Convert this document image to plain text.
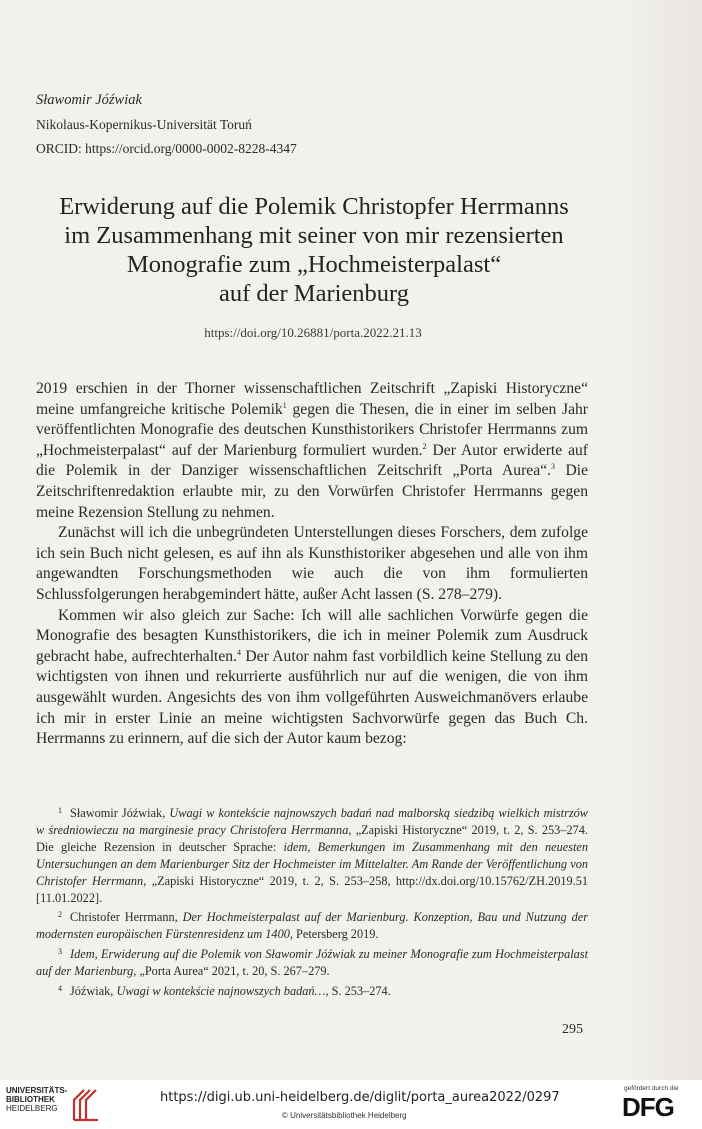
Sławomir Jóźwiak
Nikolaus-Kopernikus-Universität Toruń
ORCID: https://orcid.org/0000-0002-8228-4347
Erwiderung auf die Polemik Christopfer Herrmanns
im Zusammenhang mit seiner von mir rezensierten
Monografie zum „Hochmeisterpalast“
auf der Marienburg
https://doi.org/10.26881/porta.2022.21.13

2019 erschien in der Thorner wissenschaftlichen Zeitschrift „Zapiski Historyczne“ meine umfangreiche kritische Polemik$^1$ gegen die Thesen, die in einer im selben Jahr veröffentlichten Monografie des deutschen Kunsthistorikers Christofer Herrmanns zum „Hochmeisterpalast“ auf der Marienburg formuliert wurden.$^2$ Der Autor erwiderte auf die Polemik in der Danziger wissenschaftlichen Zeitschrift „Porta Aurea“.$^3$ Die Zeitschriftenredaktion erlaubte mir, zu den Vorwürfen Christofer Herrmanns gegen meine Rezension Stellung zu nehmen.

Zunächst will ich die unbegründeten Unterstellungen dieses Forschers, dem zufolge ich sein Buch nicht gelesen, es auf ihn als Kunsthistoriker abgesehen und alle von ihm angewandten Forschungsmethoden wie auch die von ihm formulierten Schlussfolgerungen herabgemindert hätte, außer Acht lassen (S. 278–279).

Kommen wir also gleich zur Sache: Ich will alle sachlichen Vorwürfe gegen die Monografie des besagten Kunsthistorikers, die ich in meiner Polemik zum Ausdruck gebracht habe, aufrechterhalten.$^4$ Der Autor nahm fast vorbildlich keine Stellung zu den wichtigsten von ihnen und rekurrierte ausführlich nur auf die wenigen, die von ihm ausgewählt wurden. Angesichts des von ihm vollgeführten Ausweichmanövers erlaube ich mir in erster Linie an meine wichtigsten Sachvorwürfe gegen das Buch Ch. Herrmanns zu erinnern, auf die sich der Autor kaum bezog:

$^1$ Sławomir Jóźwiak, Uwagi w kontekście najnowszych badań nad malborską siedzibą wielkich mistrzów w średniowieczu na marginesie pracy Christofera Herrmanna, „Zapiski Historyczne“ 2019, t. 2, S. 253–274. Die gleiche Rezension in deutscher Sprache: idem, Bemerkungen im Zusammenhang mit den neuesten Untersuchungen an dem Marienburger Sitz der Hochmeister im Mittelalter. Am Rande der Veröffentlichung von Christofer Herrmann, „Zapiski Historyczne“ 2019, t. 2, S. 253–258, http://dx.doi.org/10.15762/ZH.2019.51 [11.01.2022].

$^2$ Christofer Herrmann, Der Hochmeisterpalast auf der Marienburg. Konzeption, Bau und Nutzung der modernsten europäischen Fürstenresidenz um 1400, Petersberg 2019.

$^3$ Idem, Erwiderung auf die Polemik von Sławomir Jóźwiak zu meiner Monografie zum Hochmeisterpalast auf der Marienburg, „Porta Aurea“ 2021, t. 20, S. 267–279.

$^4$ Jóźwiak, Uwagi w kontekście najnowszych badań…, S. 253–274.

295
UNIVERSITÄTS-
BIBLIOTHEK
HEIDELBERG
https://digi.ub.uni-heidelberg.de/diglit/porta_aurea2022/0297
© Universitätsbibliothek Heidelberg
gefördert durch die
DFG
